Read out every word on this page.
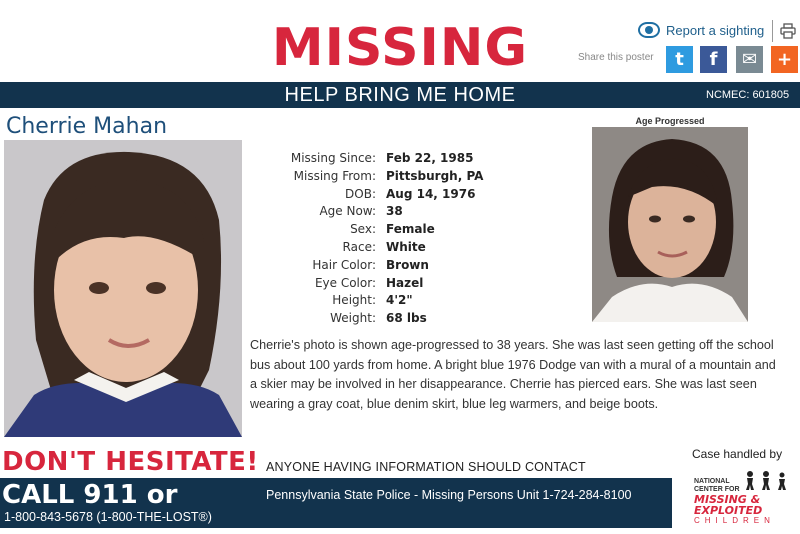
MISSING	Report a sighting
Share this poster	t	f	✉	+
HELP BRING ME HOME	NCMEC: 601805
Cherrie Mahan	Age Progressed
Missing Since: Feb 22, 1985
Missing From: Pittsburgh, PA
DOB: Aug 14, 1976
Age Now: 38
Sex: Female
Race: White
Hair Color: Brown
Eye Color: Hazel
Height: 4'2"
Weight: 68 lbs
Cherrie's photo is shown age-progressed to 38 years. She was last seen getting off the school
bus about 100 yards from home. A bright blue 1976 Dodge van with a mural of a mountain and
a skier may be involved in her disappearance. Cherrie has pierced ears. She was last seen
wearing a gray coat, blue denim skirt, blue leg warmers, and beige boots.
DON'T HESITATE! ANYONE HAVING INFORMATION SHOULD CONTACT
Case handled by
CALL 911 or
1-800-843-5678 (1-800-THE-LOST®)
Pennsylvania State Police - Missing Persons Unit 1-724-284-8100
NATIONAL
CENTER FOR
MISSING &
EXPLOITED
CHILDREN
